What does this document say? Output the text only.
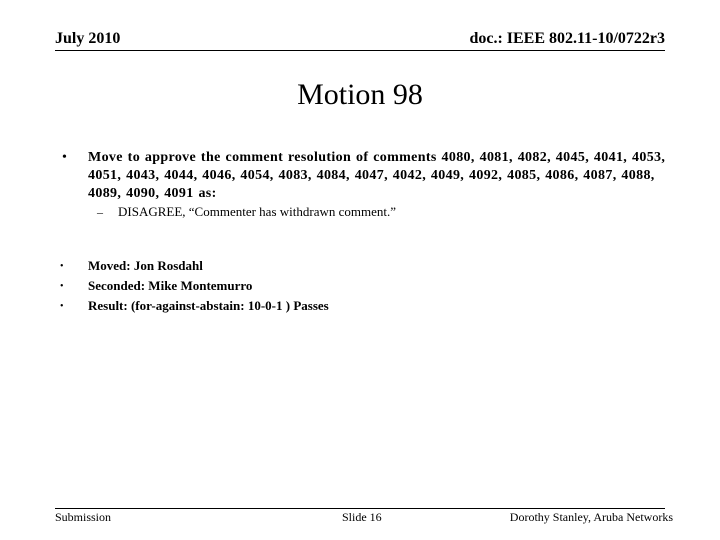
July 2010	doc.: IEEE 802.11-10/0722r3
Motion 98
• Move to approve the comment resolution of comments 4080, 4081, 4082, 4045, 4041, 4053, 4051, 4043, 4044, 4046, 4054, 4083, 4084, 4047, 4042, 4049, 4092, 4085, 4086, 4087, 4088, 4089, 4090, 4091 as:
– DISAGREE, “Commenter has withdrawn comment.”
• Moved: Jon Rosdahl
• Seconded: Mike Montemurro
• Result: (for-against-abstain: 10-0-1 ) Passes
Submission	Slide 16	Dorothy Stanley, Aruba Networks
